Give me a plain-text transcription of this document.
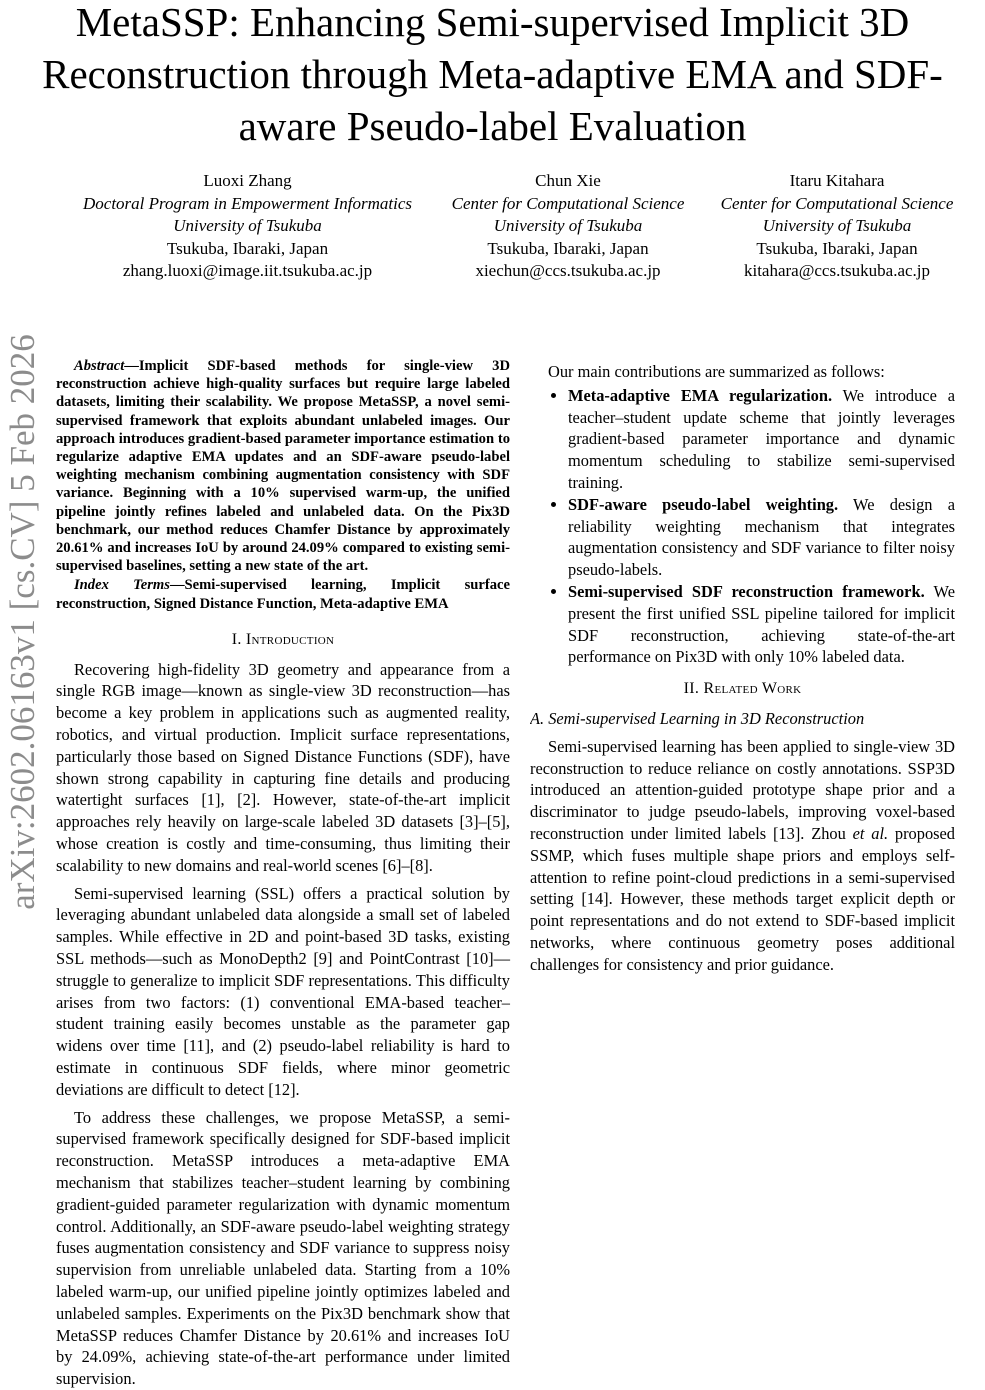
MetaSSP: Enhancing Semi-supervised Implicit 3D Reconstruction through Meta-adaptive EMA and SDF-aware Pseudo-label Evaluation
Luoxi Zhang
Doctoral Program in Empowerment Informatics
University of Tsukuba
Tsukuba, Ibaraki, Japan
zhang.luoxi@image.iit.tsukuba.ac.jp
Chun Xie
Center for Computational Science
University of Tsukuba
Tsukuba, Ibaraki, Japan
xiechun@ccs.tsukuba.ac.jp
Itaru Kitahara
Center for Computational Science
University of Tsukuba
Tsukuba, Ibaraki, Japan
kitahara@ccs.tsukuba.ac.jp
arXiv:2602.06163v1 [cs.CV] 5 Feb 2026	Abstract—Implicit SDF-based methods for single-view 3D reconstruction achieve high-quality surfaces but require large labeled datasets, limiting their scalability. We propose MetaSSP, a novel semi-supervised framework that exploits abundant unlabeled images. Our approach introduces gradient-based parameter importance estimation to regularize adaptive EMA updates and an SDF-aware pseudo-label weighting mechanism combining augmentation consistency with SDF variance. Beginning with a 10% supervised warm-up, the unified pipeline jointly refines labeled and unlabeled data. On the Pix3D benchmark, our method reduces Chamfer Distance by approximately 20.61% and increases IoU by around 24.09% compared to existing semi-supervised baselines, setting a new state of the art.

Index Terms—Semi-supervised learning, Implicit surface reconstruction, Signed Distance Function, Meta-adaptive EMA

I. Introduction

Recovering high-fidelity 3D geometry and appearance from a single RGB image—known as single-view 3D reconstruction—has become a key problem in applications such as augmented reality, robotics, and virtual production. Implicit surface representations, particularly those based on Signed Distance Functions (SDF), have shown strong capability in capturing fine details and producing watertight surfaces [1], [2]. However, state-of-the-art implicit approaches rely heavily on large-scale labeled 3D datasets [3]–[5], whose creation is costly and time-consuming, thus limiting their scalability to new domains and real-world scenes [6]–[8].

Semi-supervised learning (SSL) offers a practical solution by leveraging abundant unlabeled data alongside a small set of labeled samples. While effective in 2D and point-based 3D tasks, existing SSL methods—such as MonoDepth2 [9] and PointContrast [10]—struggle to generalize to implicit SDF representations. This difficulty arises from two factors: (1) conventional EMA-based teacher–student training easily becomes unstable as the parameter gap widens over time [11], and (2) pseudo-label reliability is hard to estimate in continuous SDF fields, where minor geometric deviations are difficult to detect [12].

To address these challenges, we propose MetaSSP, a semi-supervised framework specifically designed for SDF-based implicit reconstruction. MetaSSP introduces a meta-adaptive EMA mechanism that stabilizes teacher–student learning by combining gradient-guided parameter regularization with dynamic momentum control. Additionally, an SDF-aware pseudo-label weighting strategy fuses augmentation consistency and SDF variance to suppress noisy supervision from unreliable unlabeled data. Starting from a 10% labeled warm-up, our unified pipeline jointly optimizes labeled and unlabeled samples. Experiments on the Pix3D benchmark show that MetaSSP reduces Chamfer Distance by 20.61% and increases IoU by 24.09%, achieving state-of-the-art performance under limited supervision.

Our main contributions are summarized as follows:

• Meta-adaptive EMA regularization. We introduce a teacher–student update scheme that jointly leverages gradient-based parameter importance and dynamic momentum scheduling to stabilize semi-supervised training.
• SDF-aware pseudo-label weighting. We design a reliability weighting mechanism that integrates augmentation consistency and SDF variance to filter noisy pseudo-labels.
• Semi-supervised SDF reconstruction framework. We present the first unified SSL pipeline tailored for implicit SDF reconstruction, achieving state-of-the-art performance on Pix3D with only 10% labeled data.
II. Related Work
A. Semi-supervised Learning in 3D Reconstruction

Semi-supervised learning has been applied to single-view 3D reconstruction to reduce reliance on costly annotations. SSP3D introduced an attention-guided prototype shape prior and a discriminator to judge pseudo-labels, improving voxel-based reconstruction under limited labels [13]. Zhou et al. proposed SSMP, which fuses multiple shape priors and employs self-attention to refine point-cloud predictions in a semi-supervised setting [14]. However, these methods target explicit depth or point representations and do not extend to SDF-based implicit networks, where continuous geometry poses additional challenges for consistency and prior guidance.
